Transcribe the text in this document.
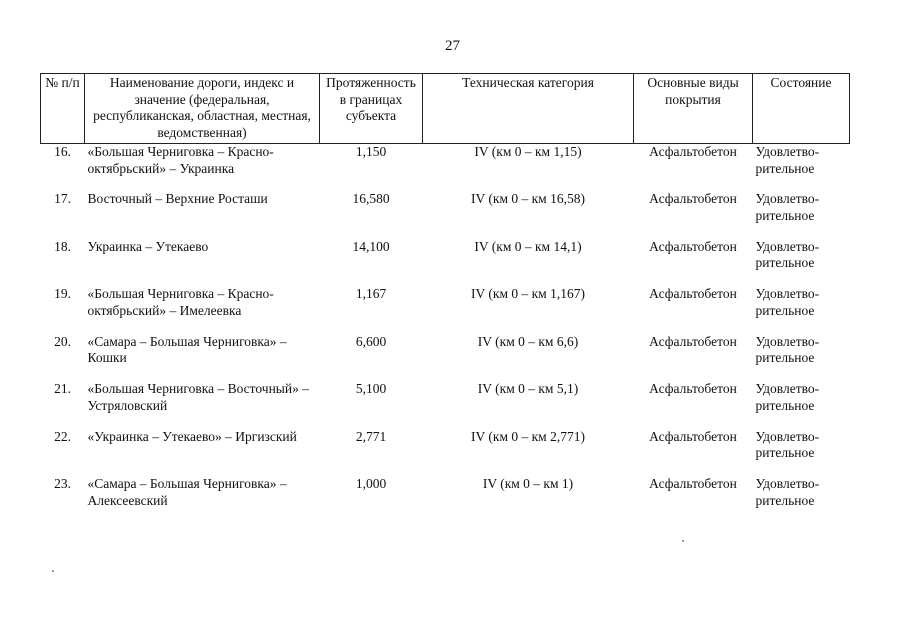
27
№ п/п	Наименование дороги, индекс и значение (федеральная, республиканская, областная, местная, ведомственная)	Протяженность в границах субъекта	Техническая категория	Основные виды покрытия	Состояние
16.	«Большая Черниговка – Красно-октябрьский» – Украинка	1,150	IV (км 0 – км 1,15)	Асфальтобетон	Удовлетво-рительное
17.	Восточный – Верхние Росташи	16,580	IV (км 0 – км 16,58)	Асфальтобетон	Удовлетво-рительное
18.	Украинка – Утекаево	14,100	IV (км 0 – км 14,1)	Асфальтобетон	Удовлетво-рительное
19.	«Большая Черниговка – Красно-октябрьский» – Имелеевка	1,167	IV (км 0 – км 1,167)	Асфальтобетон	Удовлетво-рительное
20.	«Самара – Большая Черниговка» – Кошки	6,600	IV (км 0 – км 6,6)	Асфальтобетон	Удовлетво-рительное
21.	«Большая Черниговка – Восточный» – Устряловский	5,100	IV (км 0 – км 5,1)	Асфальтобетон	Удовлетво-рительное
22.	«Украинка – Утекаево» – Иргизский	2,771	IV (км 0 – км 2,771)	Асфальтобетон	Удовлетво-рительное
23.	«Самара – Большая Черниговка» – Алексеевский	1,000	IV (км 0 – км 1)	Асфальтобетон	Удовлетво-рительное
